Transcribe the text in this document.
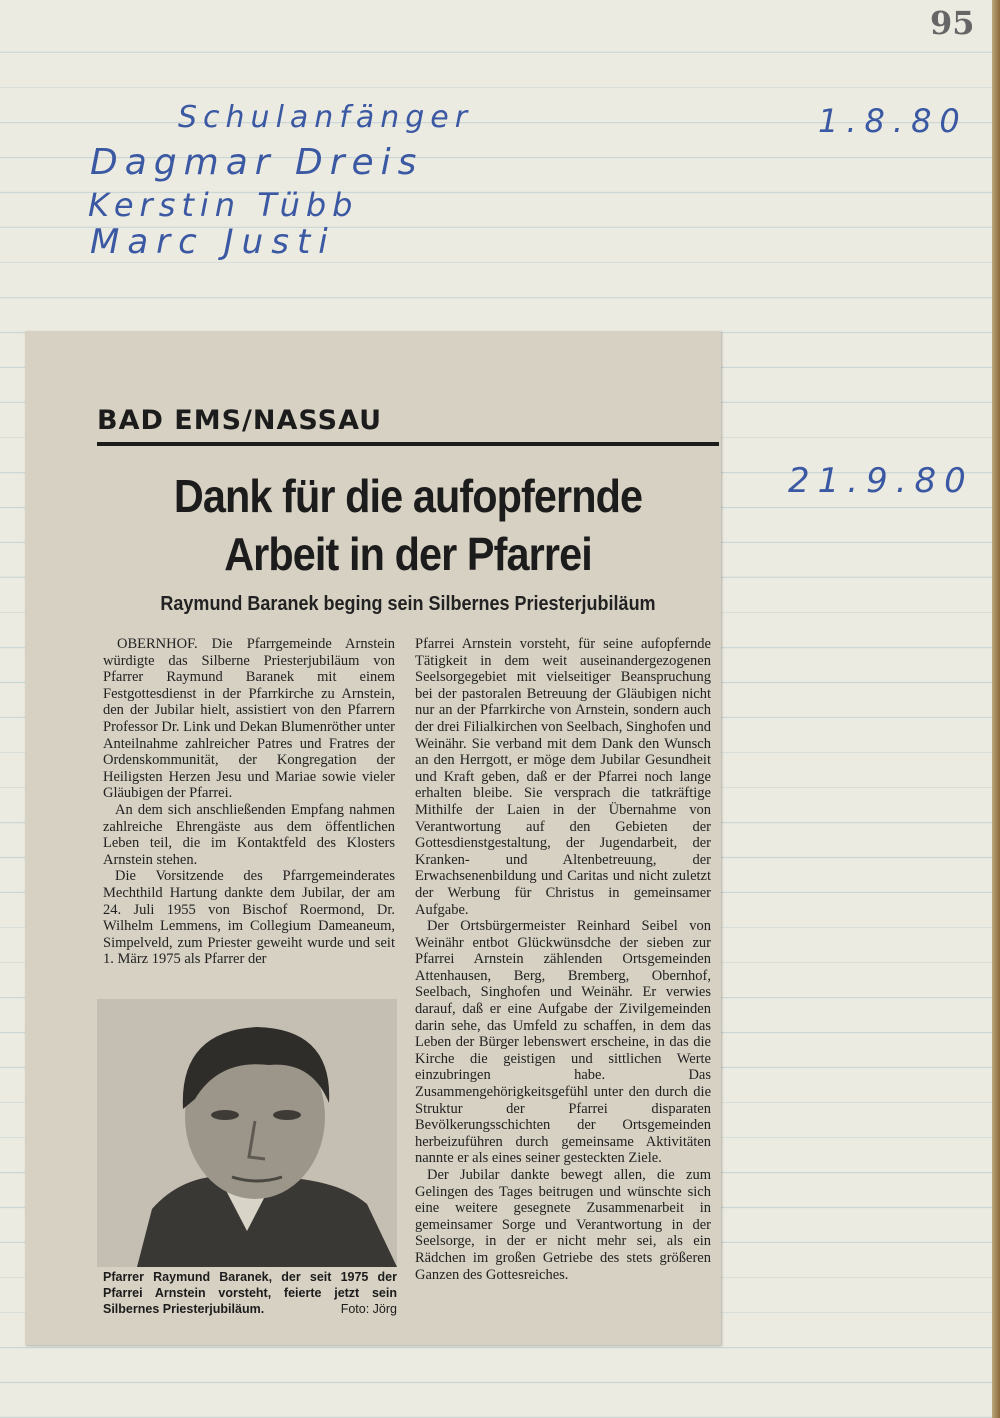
95
Schulanfänger
Dagmar Dreis
Kerstin Tübb
Marc Justi
1.8.80
21.9.80
BAD EMS/NASSAU
Dank für die aufopfernde
Arbeit in der Pfarrei
Raymund Baranek beging sein Silbernes Priesterjubiläum

OBERNHOF. Die Pfarrgemeinde Arnstein würdigte das Silberne Priesterjubiläum von Pfarrer Raymund Baranek mit einem Festgottesdienst in der Pfarrkirche zu Arnstein, den der Jubilar hielt, assistiert von den Pfarrern Professor Dr. Link und Dekan Blumenröther unter Anteilnahme zahlreicher Patres und Fratres der Ordenskommunität, der Kongregation der Heiligsten Herzen Jesu und Mariae sowie vieler Gläubigen der Pfarrei.

An dem sich anschließenden Empfang nahmen zahlreiche Ehrengäste aus dem öffentlichen Leben teil, die im Kontaktfeld des Klosters Arnstein stehen.

Die Vorsitzende des Pfarrgemeinderates Mechthild Hartung dankte dem Jubilar, der am 24. Juli 1955 von Bischof Roermond, Dr. Wilhelm Lemmens, im Collegium Dameaneum, Simpelveld, zum Priester geweiht wurde und seit 1. März 1975 als Pfarrer der

Pfarrer Raymund Baranek, der seit 1975 der Pfarrei Arnstein vorsteht, feierte jetzt sein Silbernes Priesterjubiläum.	Foto: Jörg

Pfarrei Arnstein vorsteht, für seine aufopfernde Tätigkeit in dem weit auseinandergezogenen Seelsorgegebiet mit vielseitiger Beanspruchung bei der pastoralen Betreuung der Gläubigen nicht nur an der Pfarrkirche von Arnstein, sondern auch der drei Filialkirchen von Seelbach, Singhofen und Weinähr. Sie verband mit dem Dank den Wunsch an den Herrgott, er möge dem Jubilar Gesundheit und Kraft geben, daß er der Pfarrei noch lange erhalten bleibe. Sie versprach die tatkräftige Mithilfe der Laien in der Übernahme von Verantwortung auf den Gebieten der Gottesdienstgestaltung, der Jugendarbeit, der Kranken- und Altenbetreuung, der Erwachsenenbildung und Caritas und nicht zuletzt der Werbung für Christus in gemeinsamer Aufgabe.

Der Ortsbürgermeister Reinhard Seibel von Weinähr entbot Glückwünsdche der sieben zur Pfarrei Arnstein zählenden Ortsgemeinden Attenhausen, Berg, Bremberg, Obernhof, Seelbach, Singhofen und Weinähr. Er verwies darauf, daß er eine Aufgabe der Zivilgemeinden darin sehe, das Umfeld zu schaffen, in dem das Leben der Bürger lebenswert erscheine, in das die Kirche die geistigen und sittlichen Werte einzubringen habe. Das Zusammengehörigkeitsgefühl unter den durch die Struktur der Pfarrei disparaten Bevölkerungsschichten der Ortsgemeinden herbeizuführen durch gemeinsame Aktivitäten nannte er als eines seiner gesteckten Ziele.

Der Jubilar dankte bewegt allen, die zum Gelingen des Tages beitrugen und wünschte sich eine weitere gesegnete Zusammenarbeit in gemeinsamer Sorge und Verantwortung in der Seelsorge, in der er nicht mehr sei, als ein Rädchen im großen Getriebe des stets größeren Ganzen des Gottesreiches.
